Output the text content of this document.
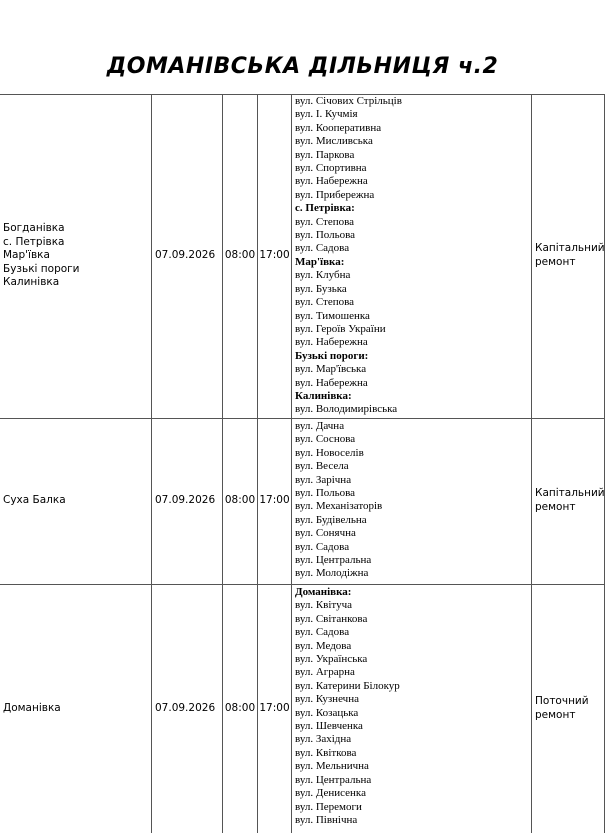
ДОМАНІВСЬКА ДІЛЬНИЦЯ ч.2
Богданівка
с. Петрівка
Мар'ївка
Бузькі пороги
Калинівка
07.09.2026 08:00 17:00
вул. Січових Стрільців
вул. І. Кучмія
вул. Кооперативна
вул. Мисливська
вул. Паркова
вул. Спортивна
вул. Набережна
вул. Прибережна
с. Петрівка:
вул. Степова
вул. Польова
вул. Садова
Мар'ївка:
вул. Клубна
вул. Бузька
вул. Степова
вул. Тимошенка
вул. Героїв України
вул. Набережна
Бузькі пороги:
вул. Мар'ївська
вул. Набережна
Калинівка:
вул. Володимирівська
Капітальний
ремонт
Суха Балка	07.09.2026 08:00 17:00
вул. Дачна
вул. Соснова
вул. Новоселів
вул. Весела
вул. Зарічна
вул. Польова
вул. Механізаторів
вул. Будівельна
вул. Сонячна
вул. Садова
вул. Центральна
вул. Молодіжна
Капітальний
ремонт
Доманівка	07.09.2026 08:00 17:00
Доманівка:
вул. Квітуча
вул. Світанкова
вул. Садова
вул. Медова
вул. Українська
вул. Аграрна
вул. Катерини Білокур
вул. Кузнечна
вул. Козацька
вул. Шевченка
вул. Західна
вул. Квіткова
вул. Мельнична
вул. Центральна
вул. Денисенка
вул. Перемоги
вул. Північна
Поточний
ремонт
